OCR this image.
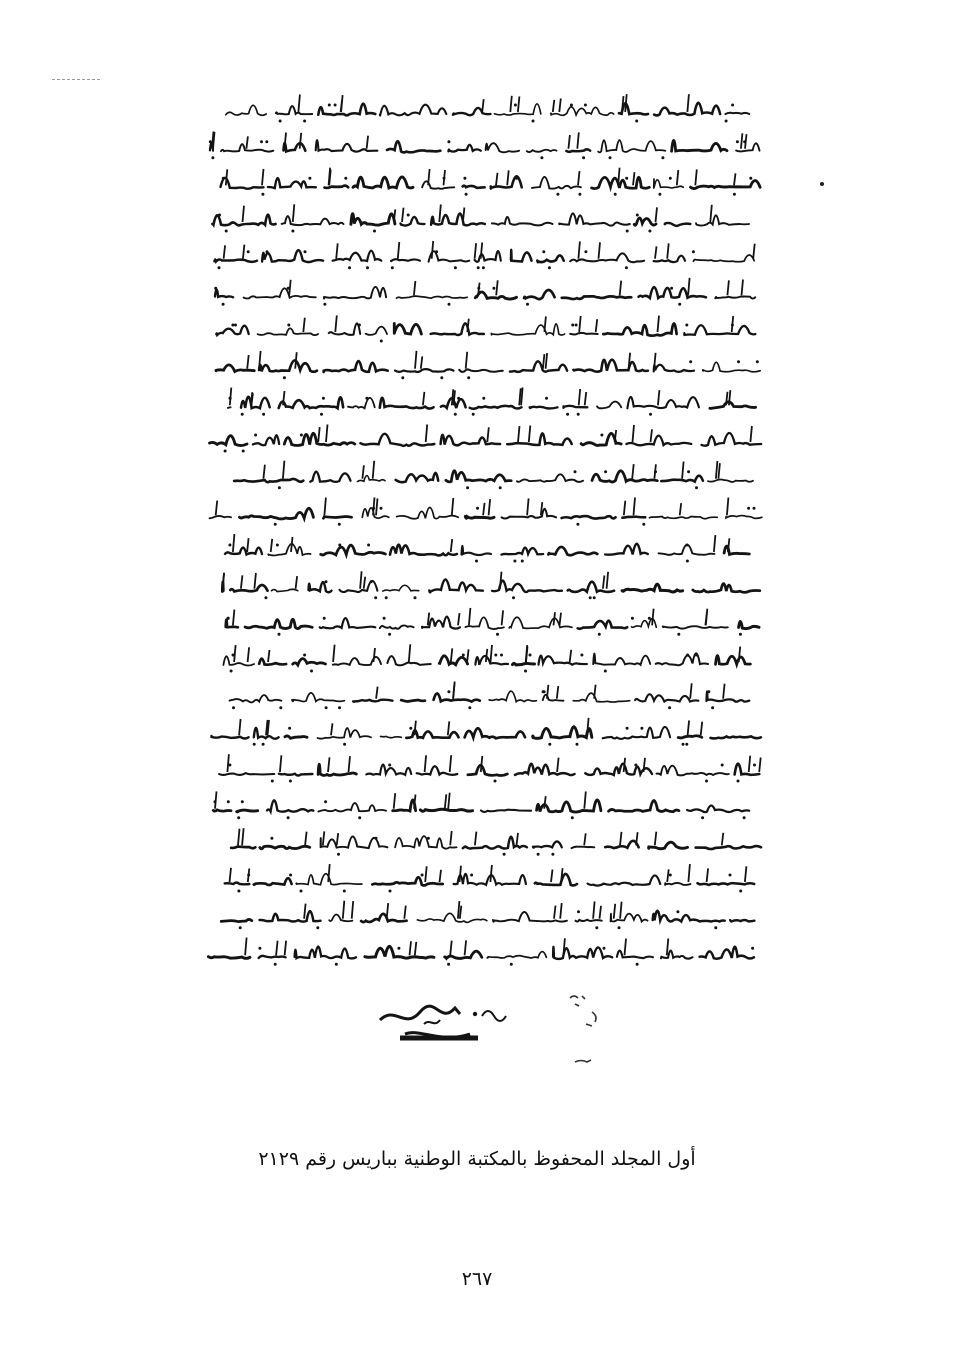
أول المجلد المحفوظ بالمكتبة الوطنية بباريس رقم ٢١٢٩
٢٦٧
